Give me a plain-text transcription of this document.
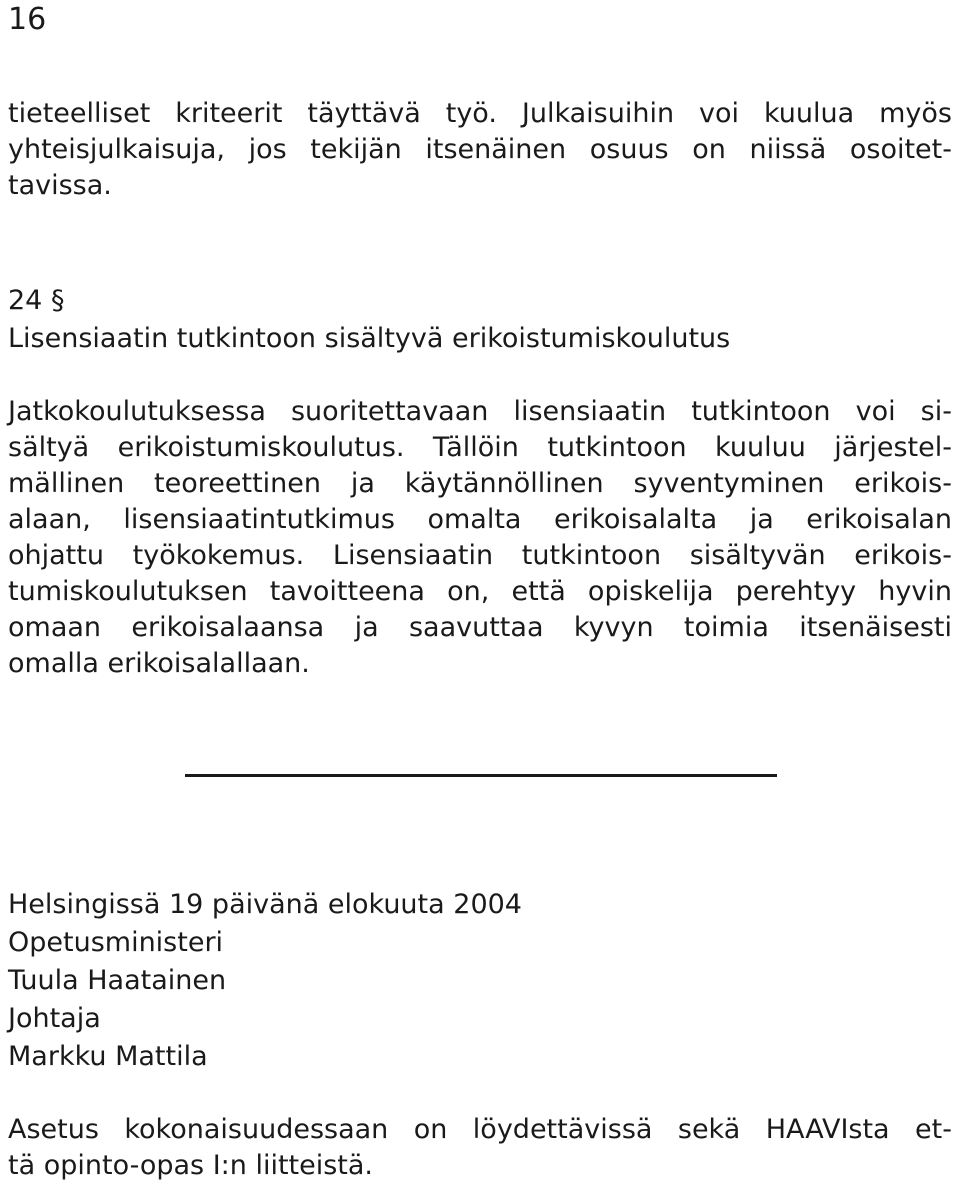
16
tieteelliset kriteerit täyttävä työ. Julkaisuihin voi kuulua myös
yhteisjulkaisuja, jos tekijän itsenäinen osuus on niissä osoitet-
tavissa.
24 §
Lisensiaatin tutkintoon sisältyvä erikoistumiskoulutus
Jatkokoulutuksessa suoritettavaan lisensiaatin tutkintoon voi si-
sältyä erikoistumiskoulutus. Tällöin tutkintoon kuuluu järjestel-
mällinen teoreettinen ja käytännöllinen syventyminen erikois-
alaan, lisensiaatintutkimus omalta erikoisalalta ja erikoisalan
ohjattu työkokemus. Lisensiaatin tutkintoon sisältyvän erikois-
tumiskoulutuksen tavoitteena on, että opiskelija perehtyy hyvin
omaan erikoisalaansa ja saavuttaa kyvyn toimia itsenäisesti
omalla erikoisalallaan.
Helsingissä 19 päivänä elokuuta 2004
Opetusministeri
Tuula Haatainen
Johtaja
Markku Mattila
Asetus kokonaisuudessaan on löydettävissä sekä HAAVIsta et-
tä opinto-opas I:n liitteistä.
